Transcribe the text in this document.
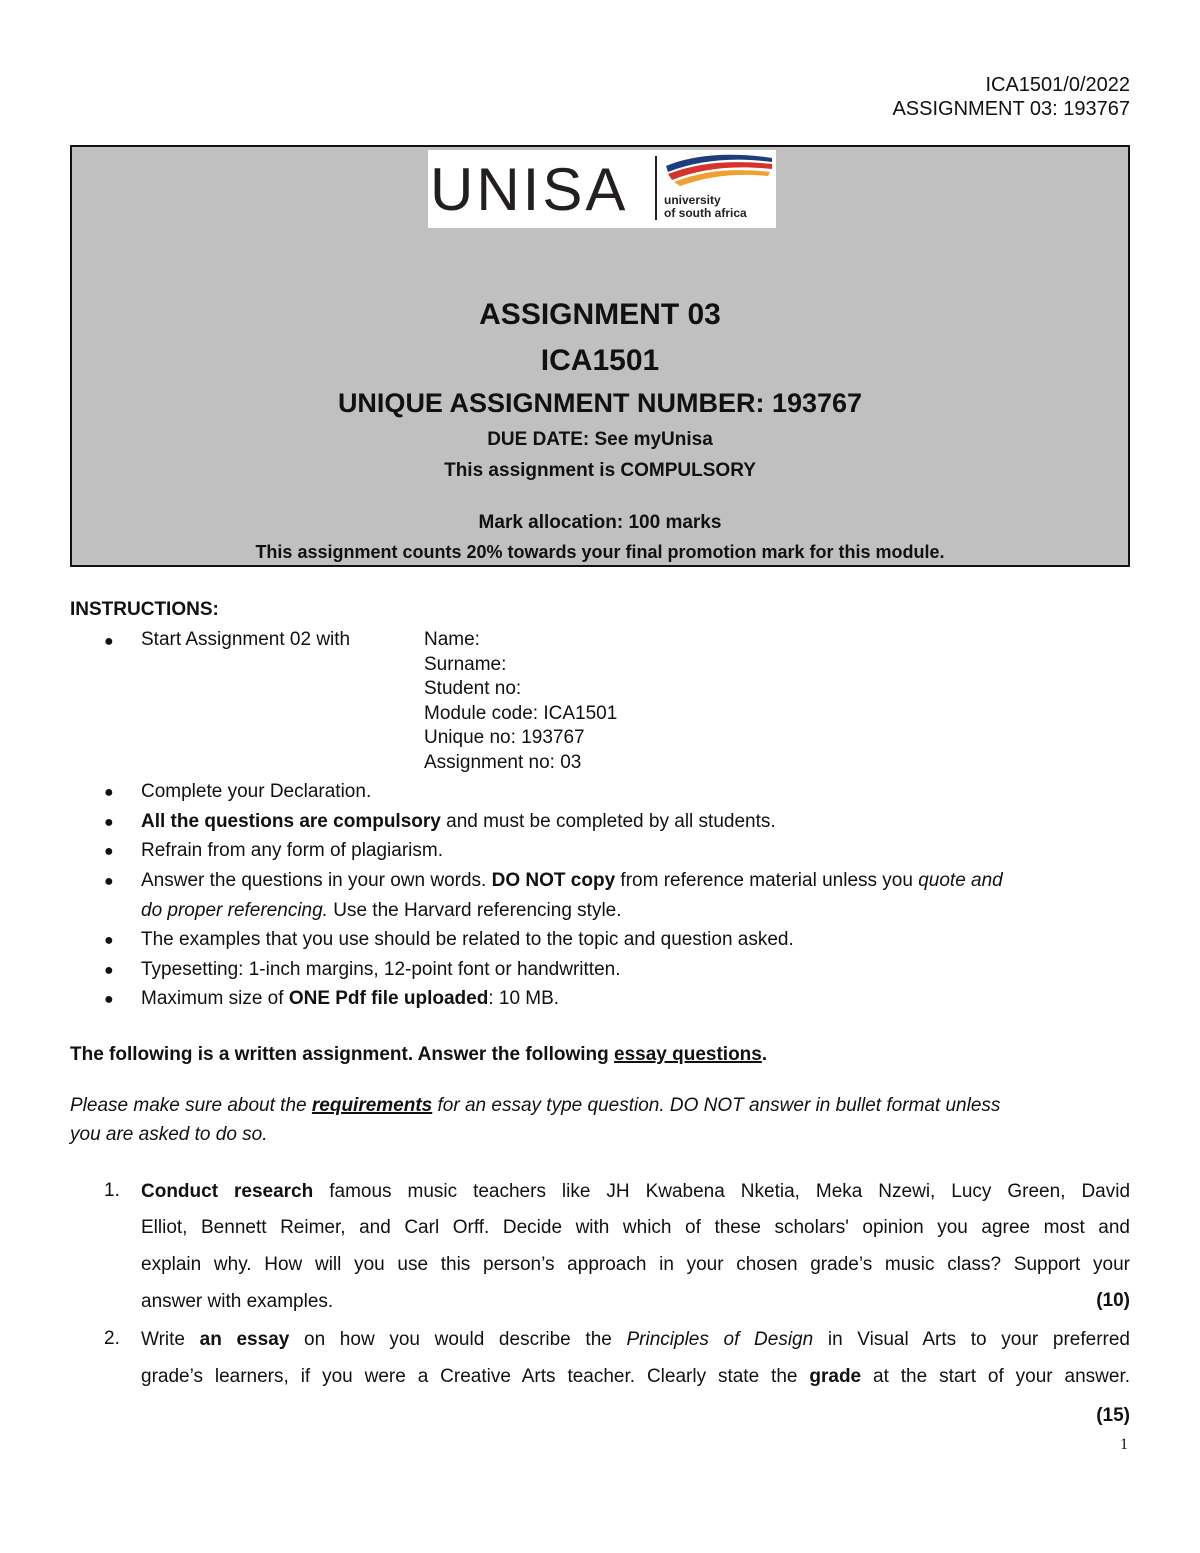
ICA1501/0/2022
ASSIGNMENT 03: 193767
UNISA	university
of south africa
ASSIGNMENT 03
ICA1501
UNIQUE ASSIGNMENT NUMBER: 193767
DUE DATE: See myUnisa
This assignment is COMPULSORY
Mark allocation: 100 marks
This assignment counts 20% towards your final promotion mark for this module.
INSTRUCTIONS:
● Start Assignment 02 with	Name:
Surname:
Student no:
Module code: ICA1501
Unique no: 193767
Assignment no: 03
● Complete your Declaration.
● All the questions are compulsory and must be completed by all students.
● Refrain from any form of plagiarism.
● Answer the questions in your own words. DO NOT copy from reference material unless you quote and
do proper referencing. Use the Harvard referencing style.
● The examples that you use should be related to the topic and question asked.
● Typesetting: 1-inch margins, 12-point font or handwritten.
● Maximum size of ONE Pdf file uploaded: 10 MB.
The following is a written assignment. Answer the following essay questions.
Please make sure about the requirements for an essay type question. DO NOT answer in bullet format unless
you are asked to do so.
1. Conduct research famous music teachers like JH Kwabena Nketia, Meka Nzewi, Lucy Green, David
Elliot, Bennett Reimer, and Carl Orff. Decide with which of these scholars' opinion you agree most and
explain why. How will you use this person’s approach in your chosen grade’s music class? Support your
answer with examples.	(10)
2. Write an essay on how you would describe the Principles of Design in Visual Arts to your preferred
grade’s learners, if you were a Creative Arts teacher. Clearly state the grade at the start of your answer.
(15)
1
